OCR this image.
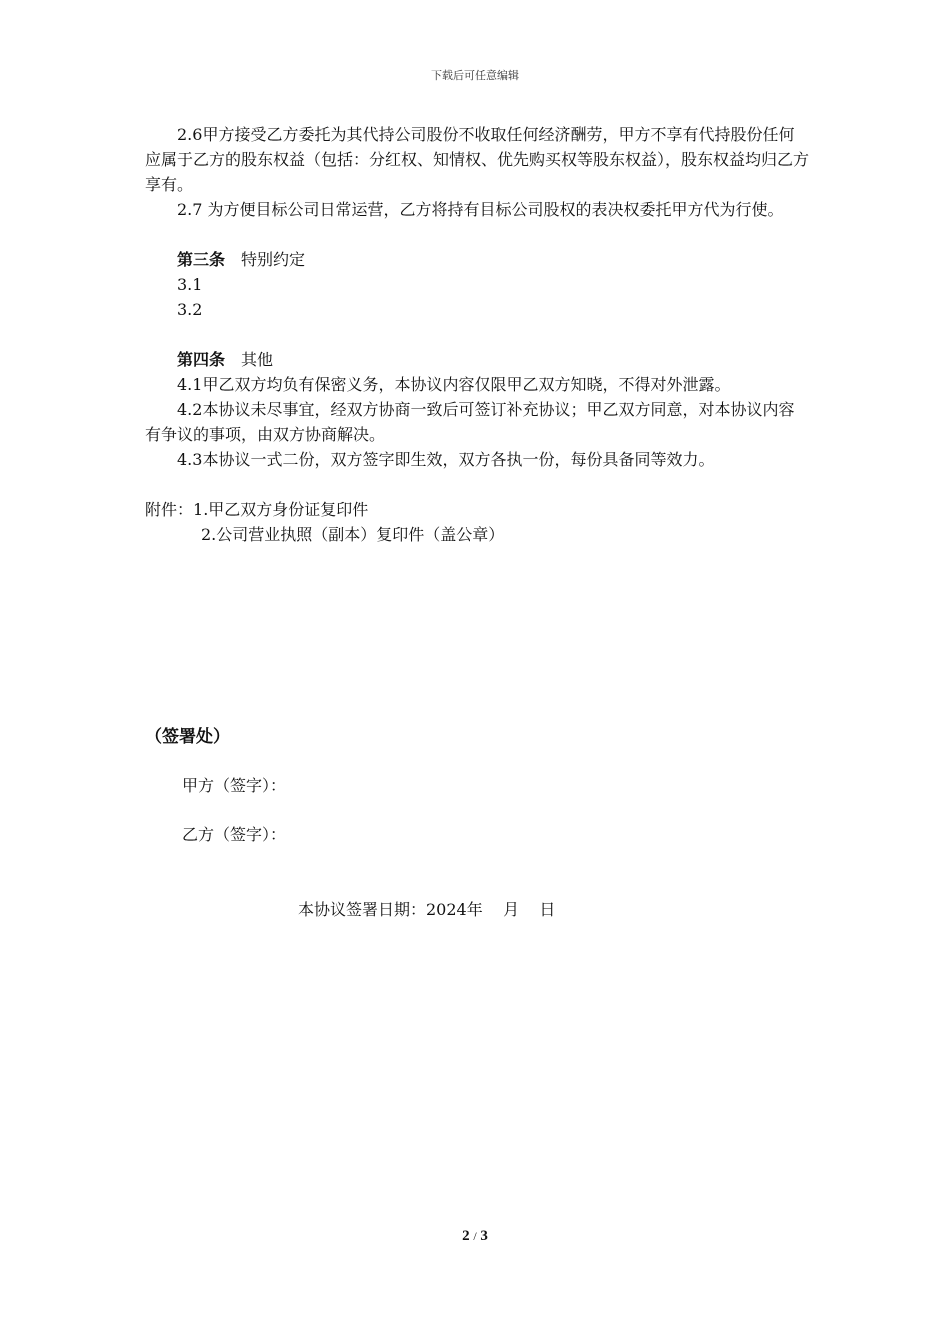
下载后可任意编辑

2.6甲方接受乙方委托为其代持公司股份不收取任何经济酬劳，甲方不享有代持股份任何应属于乙方的股东权益（包括：分红权、知情权、优先购买权等股东权益），股东权益均归乙方享有。

2.7 为方便目标公司日常运营，乙方将持有目标公司股权的表决权委托甲方代为行使。

第三条 特别约定

3.1

3.2

第四条 其他

4.1甲乙双方均负有保密义务，本协议内容仅限甲乙双方知晓，不得对外泄露。

4.2本协议未尽事宜，经双方协商一致后可签订补充协议；甲乙双方同意，对本协议内容有争议的事项，由双方协商解决。

4.3本协议一式二份，双方签字即生效，双方各执一份，每份具备同等效力。

附件：1.甲乙双方身份证复印件

2.公司营业执照（副本）复印件（盖公章）

（签署处）
甲方（签字）：
乙方（签字）：
本协议签署日期：2024年    月    日
2 / 3
